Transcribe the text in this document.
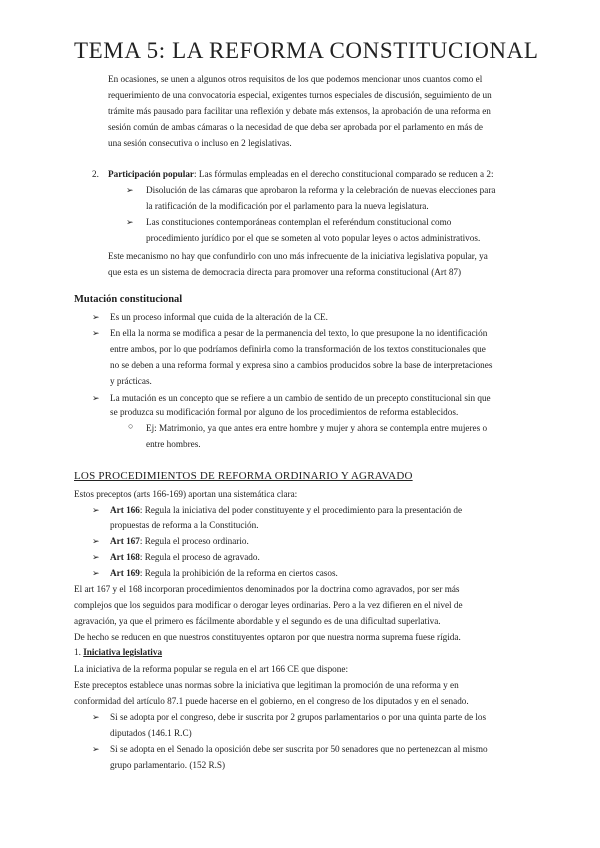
TEMA 5: LA REFORMA CONSTITUCIONAL
En ocasiones, se unen a algunos otros requisitos de los que podemos mencionar unos cuantos como el
requerimiento de una convocatoria especial, exigentes turnos especiales de discusión, seguimiento de un
trámite más pausado para facilitar una reflexión y debate más extensos, la aprobación de una reforma en
sesión común de ambas cámaras o la necesidad de que deba ser aprobada por el parlamento en más de
una sesión consecutiva o incluso en 2 legislativas.
2. Participación popular: Las fórmulas empleadas en el derecho constitucional comparado se reducen a 2:
➢ Disolución de las cámaras que aprobaron la reforma y la celebración de nuevas elecciones para
la ratificación de la modificación por el parlamento para la nueva legislatura.
➢ Las constituciones contemporáneas contemplan el referéndum constitucional como
procedimiento jurídico por el que se someten al voto popular leyes o actos administrativos.
Este mecanismo no hay que confundirlo con uno más infrecuente de la iniciativa legislativa popular, ya
que esta es un sistema de democracia directa para promover una reforma constitucional (Art 87)
Mutación constitucional
➢ Es un proceso informal que cuida de la alteración de la CE.
➢ En ella la norma se modifica a pesar de la permanencia del texto, lo que presupone la no identificación
entre ambos, por lo que podríamos definirla como la transformación de los textos constitucionales que
no se deben a una reforma formal y expresa sino a cambios producidos sobre la base de interpretaciones
y prácticas.
➢ La mutación es un concepto que se refiere a un cambio de sentido de un precepto constitucional sin que
se produzca su modificación formal por alguno de los procedimientos de reforma establecidos.
○ Ej: Matrimonio, ya que antes era entre hombre y mujer y ahora se contempla entre mujeres o
entre hombres.
LOS PROCEDIMIENTOS DE REFORMA ORDINARIO Y AGRAVADO
Estos preceptos (arts 166-169) aportan una sistemática clara:
➢ Art 166: Regula la iniciativa del poder constituyente y el procedimiento para la presentación de
propuestas de reforma a la Constitución.
➢ Art 167: Regula el proceso ordinario.
➢ Art 168: Regula el proceso de agravado.
➢ Art 169: Regula la prohibición de la reforma en ciertos casos.
El art 167 y el 168 incorporan procedimientos denominados por la doctrina como agravados, por ser más
complejos que los seguidos para modificar o derogar leyes ordinarias. Pero a la vez difieren en el nivel de
agravación, ya que el primero es fácilmente abordable y el segundo es de una dificultad superlativa.
De hecho se reducen en que nuestros constituyentes optaron por que nuestra norma suprema fuese rígida.
1. Iniciativa legislativa
La iniciativa de la reforma popular se regula en el art 166 CE que dispone:
Este preceptos establece unas normas sobre la iniciativa que legitiman la promoción de una reforma y en
conformidad del artículo 87.1 puede hacerse en el gobierno, en el congreso de los diputados y en el senado.
➢ Si se adopta por el congreso, debe ir suscrita por 2 grupos parlamentarios o por una quinta parte de los
diputados (146.1 R.C)
➢ Si se adopta en el Senado la oposición debe ser suscrita por 50 senadores que no pertenezcan al mismo
grupo parlamentario. (152 R.S)
